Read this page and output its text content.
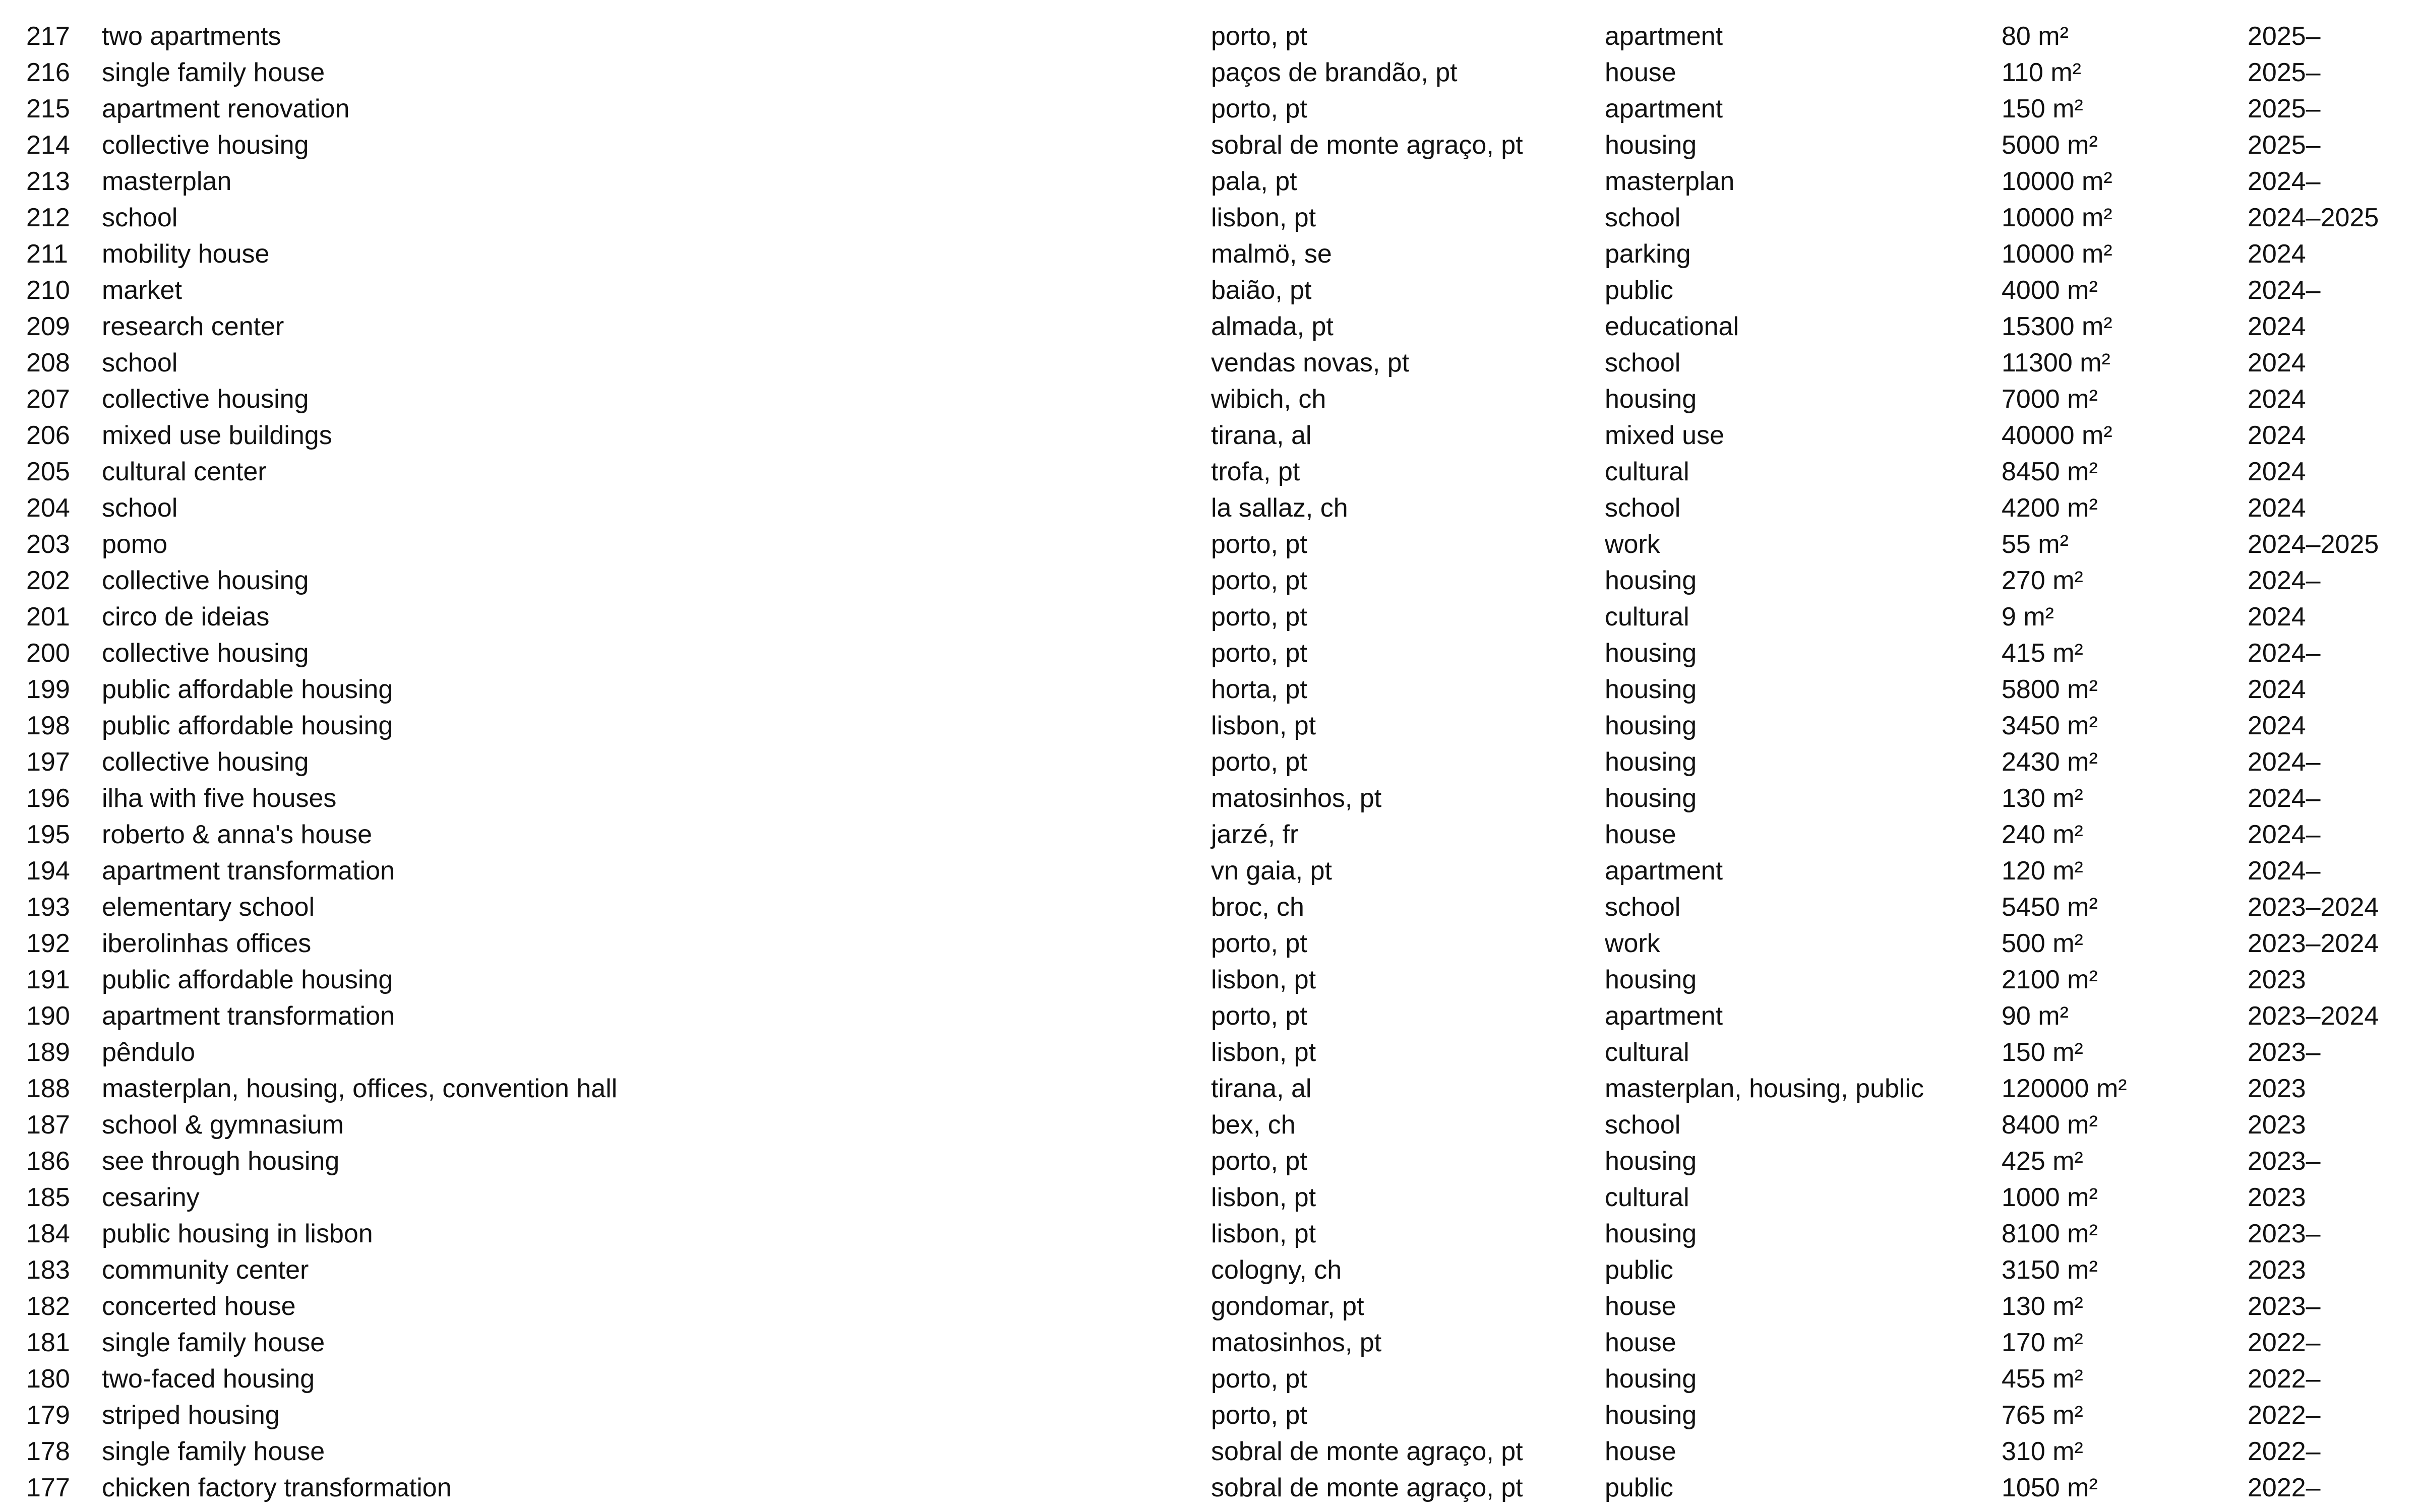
217 two apartments	porto, pt	apartment	80 m²	2025–
216 single family house	paços de brandão, pt	house	110 m²	2025–
215 apartment renovation	porto, pt	apartment	150 m²	2025–
214 collective housing	sobral de monte agraço, pt	housing	5000 m²	2025–
213 masterplan	pala, pt	masterplan	10000 m²	2024–
212 school	lisbon, pt	school	10000 m²	2024–2025
211 mobility house	malmö, se	parking	10000 m²	2024
210 market	baião, pt	public	4000 m²	2024–
209 research center	almada, pt	educational	15300 m²	2024
208 school	vendas novas, pt	school	11300 m²	2024
207 collective housing	wibich, ch	housing	7000 m²	2024
206 mixed use buildings	tirana, al	mixed use	40000 m²	2024
205 cultural center	trofa, pt	cultural	8450 m²	2024
204 school	la sallaz, ch	school	4200 m²	2024
203 pomo	porto, pt	work	55 m²	2024–2025
202 collective housing	porto, pt	housing	270 m²	2024–
201 circo de ideias	porto, pt	cultural	9 m²	2024
200 collective housing	porto, pt	housing	415 m²	2024–
199 public affordable housing	horta, pt	housing	5800 m²	2024
198 public affordable housing	lisbon, pt	housing	3450 m²	2024
197 collective housing	porto, pt	housing	2430 m²	2024–
196 ilha with five houses	matosinhos, pt	housing	130 m²	2024–
195 roberto & anna's house	jarzé, fr	house	240 m²	2024–
194 apartment transformation	vn gaia, pt	apartment	120 m²	2024–
193 elementary school	broc, ch	school	5450 m²	2023–2024
192 iberolinhas offices	porto, pt	work	500 m²	2023–2024
191 public affordable housing	lisbon, pt	housing	2100 m²	2023
190 apartment transformation	porto, pt	apartment	90 m²	2023–2024
189 pêndulo	lisbon, pt	cultural	150 m²	2023–
188 masterplan, housing, offices, convention hall	tirana, al	masterplan, housing, public	120000 m²	2023
187 school & gymnasium	bex, ch	school	8400 m²	2023
186 see through housing	porto, pt	housing	425 m²	2023–
185 cesariny	lisbon, pt	cultural	1000 m²	2023
184 public housing in lisbon	lisbon, pt	housing	8100 m²	2023–
183 community center	cologny, ch	public	3150 m²	2023
182 concerted house	gondomar, pt	house	130 m²	2023–
181 single family house	matosinhos, pt	house	170 m²	2022–
180 two-faced housing	porto, pt	housing	455 m²	2022–
179 striped housing	porto, pt	housing	765 m²	2022–
178 single family house	sobral de monte agraço, pt	house	310 m²	2022–
177 chicken factory transformation	sobral de monte agraço, pt	public	1050 m²	2022–
